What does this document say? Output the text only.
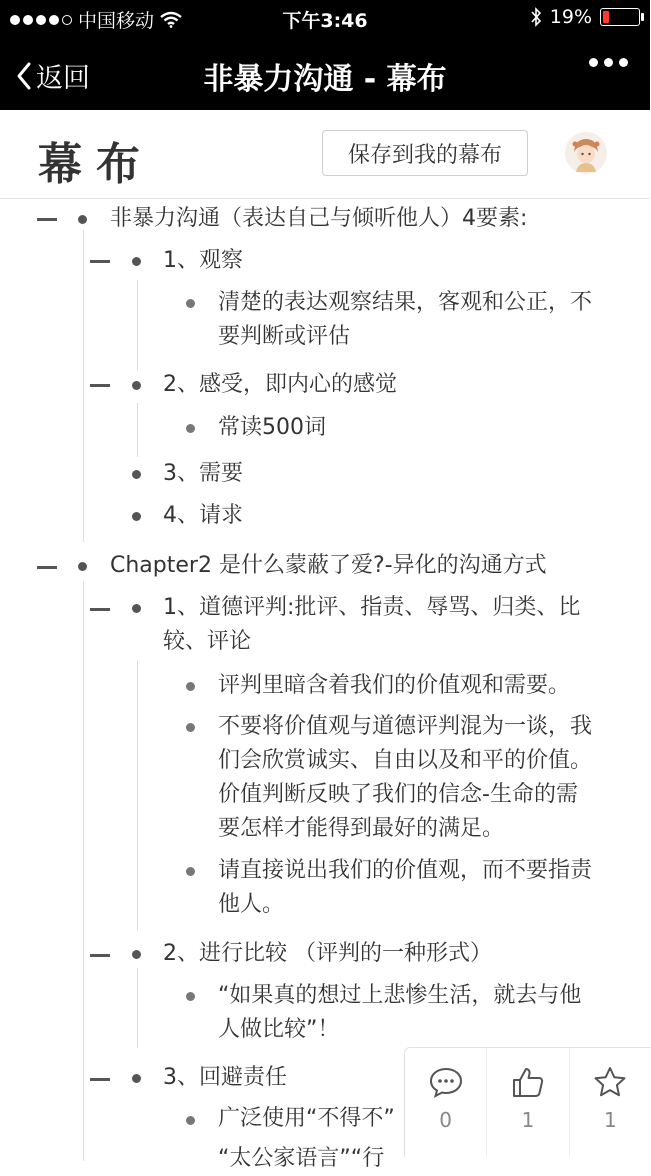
中国移动	下午3:46	19%
返回	非暴力沟通 - 幕布
幕布	保存到我的幕布
非暴力沟通（表达自己与倾听他人）4要素:
1、观察
清楚的表达观察结果，客观和公正，不
要判断或评估
2、感受，即内心的感觉
常读500词
3、需要
4、请求
Chapter2 是什么蒙蔽了爱?-异化的沟通方式
1、道德评判:批评、指责、辱骂、归类、比
较、评论
评判里暗含着我们的价值观和需要。
不要将价值观与道德评判混为一谈，我
们会欣赏诚实、自由以及和平的价值。
价值判断反映了我们的信念-生命的需
要怎样才能得到最好的满足。
请直接说出我们的价值观，而不要指责
他人。
2、进行比较 （评判的一种形式）
“如果真的想过上悲惨生活，就去与他
人做比较”！
3、回避责任
广泛使用“不得不”
“太公家语言”“行
0	1	1
